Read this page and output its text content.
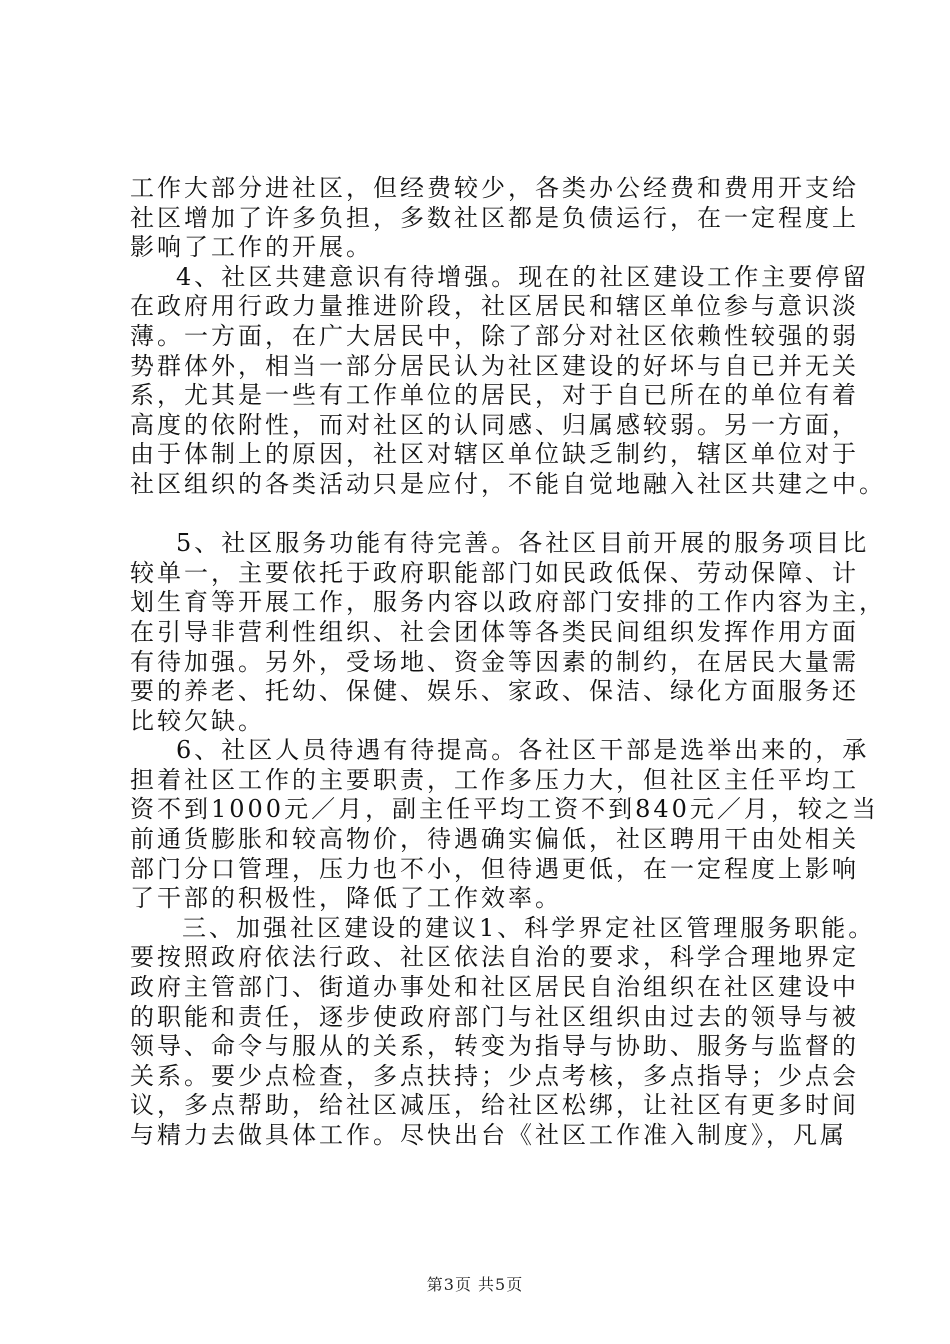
工作大部分进社区，但经费较少，各类办公经费和费用开支给
社区增加了许多负担，多数社区都是负债运行，在一定程度上
影响了工作的开展。
4、社区共建意识有待增强。现在的社区建设工作主要停留
在政府用行政力量推进阶段，社区居民和辖区单位参与意识淡
薄。一方面，在广大居民中，除了部分对社区依赖性较强的弱
势群体外，相当一部分居民认为社区建设的好坏与自已并无关
系，尤其是一些有工作单位的居民，对于自已所在的单位有着
高度的依附性，而对社区的认同感、归属感较弱。另一方面，
由于体制上的原因，社区对辖区单位缺乏制约，辖区单位对于
社区组织的各类活动只是应付，不能自觉地融入社区共建之中。
5、社区服务功能有待完善。各社区目前开展的服务项目比
较单一，主要依托于政府职能部门如民政低保、劳动保障、计
划生育等开展工作，服务内容以政府部门安排的工作内容为主，
在引导非营利性组织、社会团体等各类民间组织发挥作用方面
有待加强。另外，受场地、资金等因素的制约，在居民大量需
要的养老、托幼、保健、娱乐、家政、保洁、绿化方面服务还
比较欠缺。
6、社区人员待遇有待提高。各社区干部是选举出来的，承
担着社区工作的主要职责，工作多压力大，但社区主任平均工
资不到1000元／月，副主任平均工资不到840元／月，较之当
前通货膨胀和较高物价，待遇确实偏低，社区聘用干由处相关
部门分口管理，压力也不小，但待遇更低，在一定程度上影响
了干部的积极性，降低了工作效率。
三、加强社区建设的建议1、科学界定社区管理服务职能。
要按照政府依法行政、社区依法自治的要求，科学合理地界定
政府主管部门、街道办事处和社区居民自治组织在社区建设中
的职能和责任，逐步使政府部门与社区组织由过去的领导与被
领导、命令与服从的关系，转变为指导与协助、服务与监督的
关系。要少点检查，多点扶持；少点考核，多点指导；少点会
议，多点帮助，给社区减压，给社区松绑，让社区有更多时间
与精力去做具体工作。尽快出台《社区工作准入制度》，凡属
第3页 共5页
